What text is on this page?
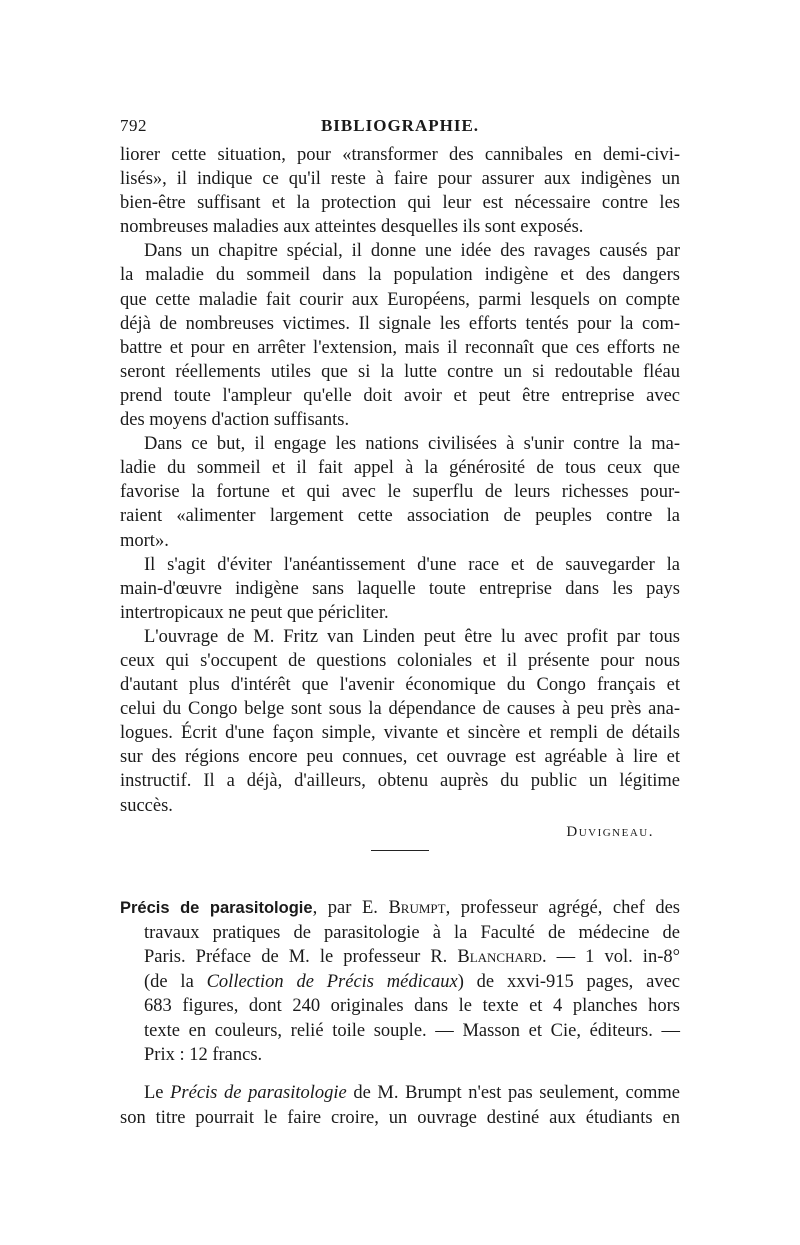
792	BIBLIOGRAPHIE.
liorer cette situation, pour «transformer des cannibales en demi-civi-
lisés», il indique ce qu'il reste à faire pour assurer aux indigènes un
bien-être suffisant et la protection qui leur est nécessaire contre les
nombreuses maladies aux atteintes desquelles ils sont exposés.
Dans un chapitre spécial, il donne une idée des ravages causés par
la maladie du sommeil dans la population indigène et des dangers
que cette maladie fait courir aux Européens, parmi lesquels on compte
déjà de nombreuses victimes. Il signale les efforts tentés pour la com-
battre et pour en arrêter l'extension, mais il reconnaît que ces efforts ne
seront réellements utiles que si la lutte contre un si redoutable fléau
prend toute l'ampleur qu'elle doit avoir et peut être entreprise avec
des moyens d'action suffisants.
Dans ce but, il engage les nations civilisées à s'unir contre la ma-
ladie du sommeil et il fait appel à la générosité de tous ceux que
favorise la fortune et qui avec le superflu de leurs richesses pour-
raient «alimenter largement cette association de peuples contre la
mort».
Il s'agit d'éviter l'anéantissement d'une race et de sauvegarder la
main-d'œuvre indigène sans laquelle toute entreprise dans les pays
intertropicaux ne peut que péricliter.
L'ouvrage de M. Fritz van Linden peut être lu avec profit par tous
ceux qui s'occupent de questions coloniales et il présente pour nous
d'autant plus d'intérêt que l'avenir économique du Congo français et
celui du Congo belge sont sous la dépendance de causes à peu près ana-
logues. Écrit d'une façon simple, vivante et sincère et rempli de détails
sur des régions encore peu connues, cet ouvrage est agréable à lire et
instructif. Il a déjà, d'ailleurs, obtenu auprès du public un légitime
succès.
Duvigneau.
Précis de parasitologie, par E. Brumpt, professeur agrégé, chef des
travaux pratiques de parasitologie à la Faculté de médecine de
Paris. Préface de M. le professeur R. Blanchard. — 1 vol. in-8°
(de la Collection de Précis médicaux) de xxvi-915 pages, avec
683 figures, dont 240 originales dans le texte et 4 planches hors
texte en couleurs, relié toile souple. — Masson et Cie, éditeurs. —
Prix : 12 francs.
Le Précis de parasitologie de M. Brumpt n'est pas seulement, comme
son titre pourrait le faire croire, un ouvrage destiné aux étudiants en
